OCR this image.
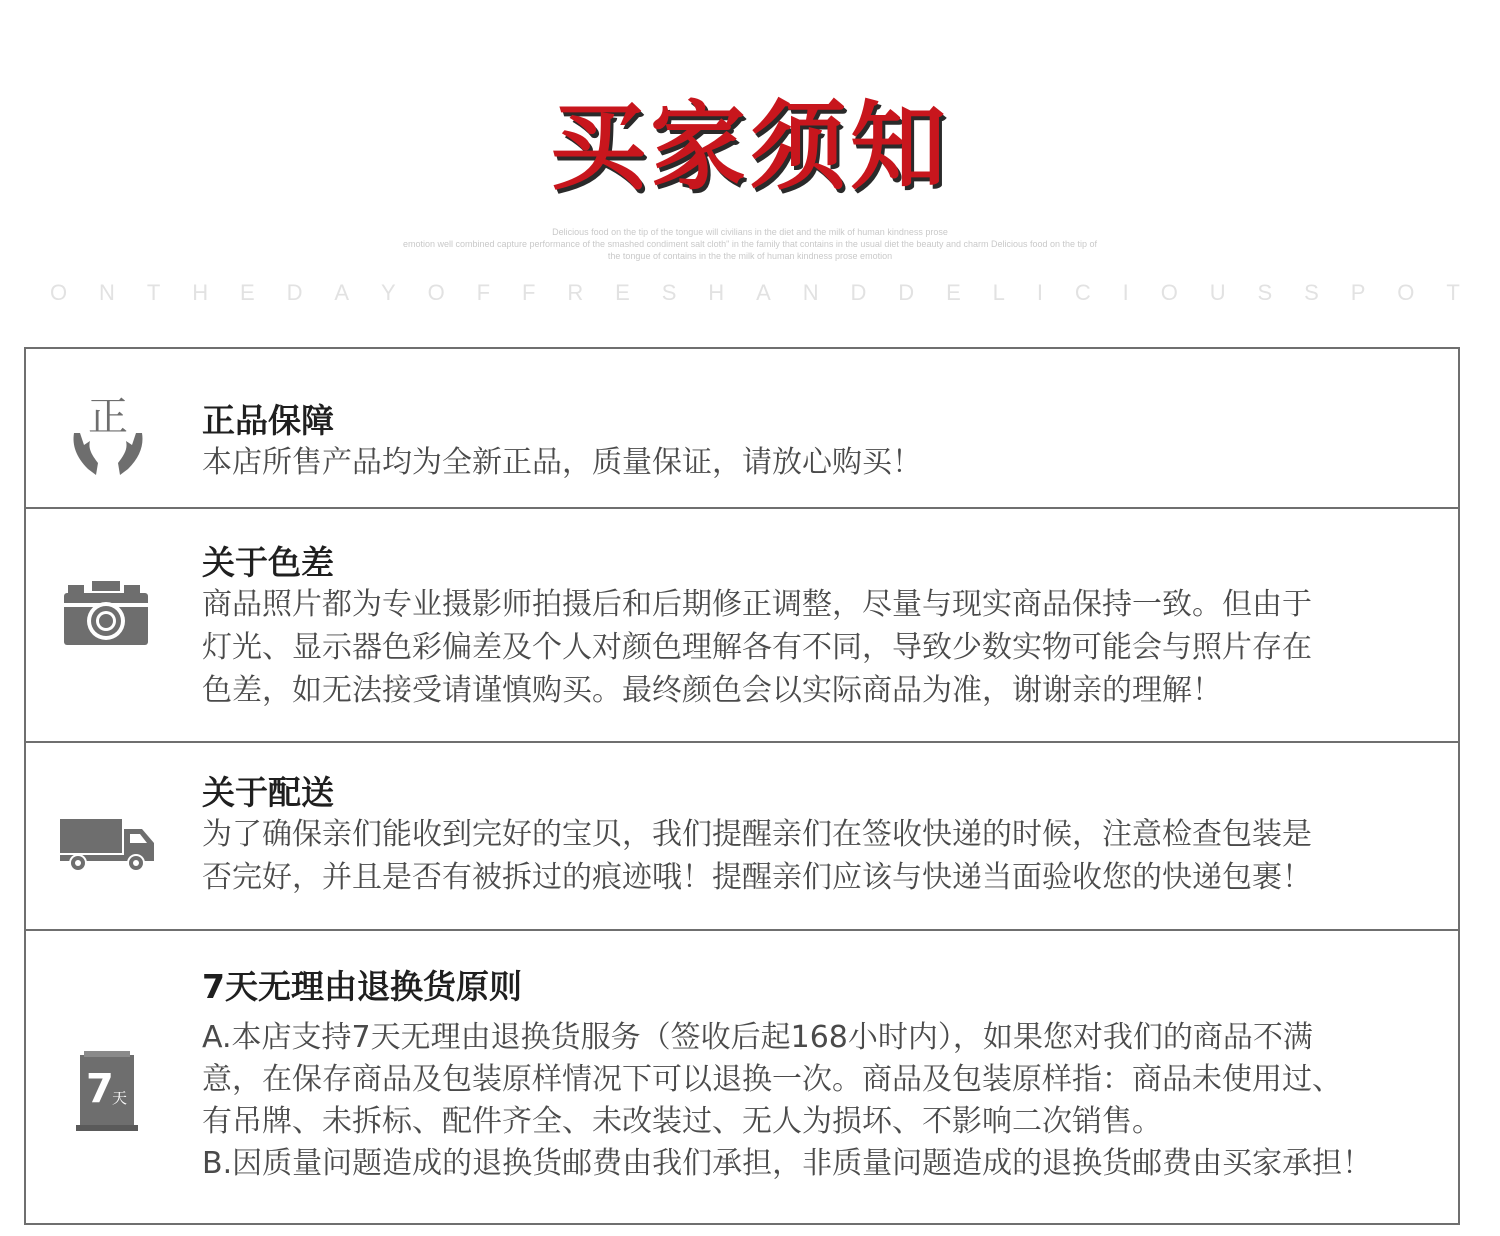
买家须知
Delicious food on the tip of the tongue will civilians in the diet and the milk of human kindness prose
emotion well combined capture performance of the smashed condiment salt cloth" in the family that contains in the usual diet the beauty and charm Delicious food on the tip of
the tongue of contains in the the milk of human kindness prose emotion
O N T H E D A Y O F F R E S H A N D D E L I C I O U S S P O T
正 正品保障

本店所售产品均为全新正品，质量保证，请放心购买！

关于色差

商品照片都为专业摄影师拍摄后和后期修正调整，尽量与现实商品保持一致。但由于

灯光、显示器色彩偏差及个人对颜色理解各有不同，导致少数实物可能会与照片存在

色差，如无法接受请谨慎购买。最终颜色会以实际商品为准，谢谢亲的理解！

关于配送

为了确保亲们能收到完好的宝贝，我们提醒亲们在签收快递的时候，注意检查包装是

否完好，并且是否有被拆过的痕迹哦！提醒亲们应该与快递当面验收您的快递包裹！

7
天
7天无理由退换货原则

A.本店支持7天无理由退换货服务（签收后起168小时内），如果您对我们的商品不满

意，在保存商品及包装原样情况下可以退换一次。商品及包装原样指：商品未使用过、

有吊牌、未拆标、配件齐全、未改装过、无人为损坏、不影响二次销售。

B.因质量问题造成的退换货邮费由我们承担，非质量问题造成的退换货邮费由买家承担！
